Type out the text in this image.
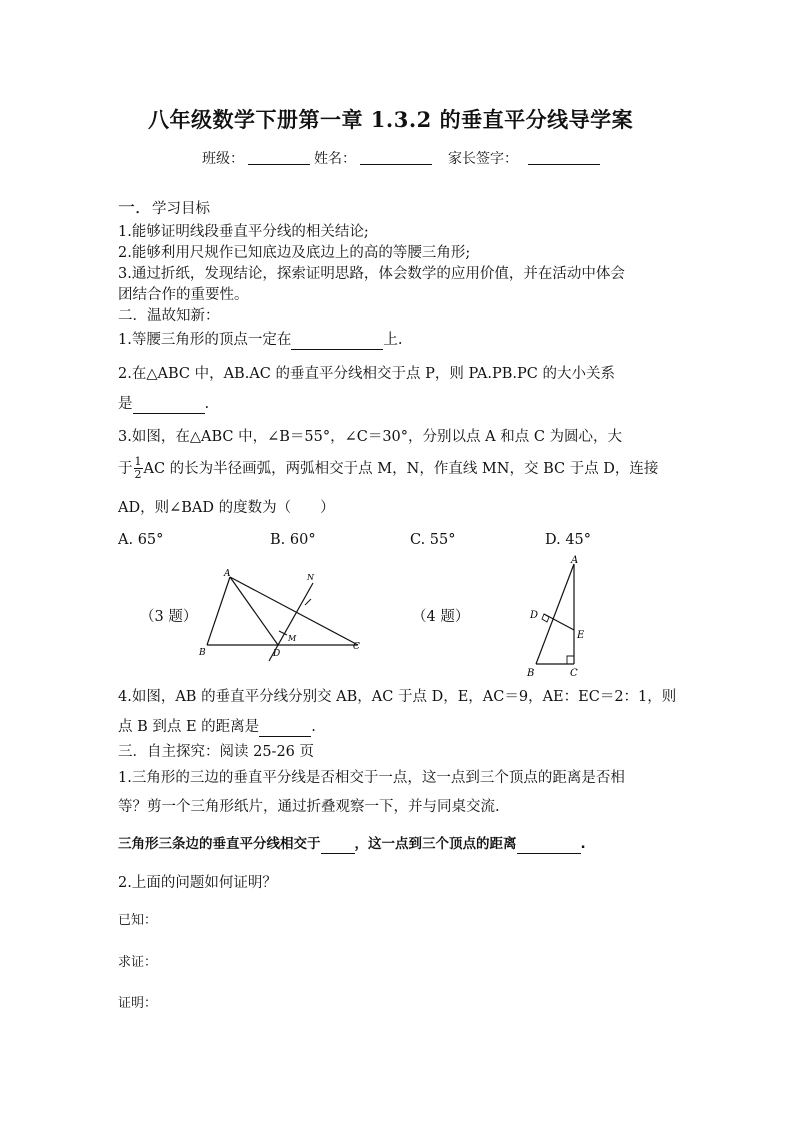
八年级数学下册第一章 1.3.2 的垂直平分线导学案
班级：	姓名：	家长签字：
一．学习目标
1.能够证明线段垂直平分线的相关结论;
2.能够利用尺规作已知底边及底边上的高的等腰三角形;
3.通过折纸，发现结论，探索证明思路，体会数学的应用价值，并在活动中体会
团结合作的重要性。
二．温故知新：
1.等腰三角形的顶点一定在	上.
2.在△ABC 中，AB.AC 的垂直平分线相交于点 P，则 PA.PB.PC 的大小关系
是	.
3.如图，在△ABC 中，∠B＝55°，∠C＝30°，分别以点 A 和点 C 为圆心，大
于 $\frac{1}{2}$ AC 的长为半径画弧，两弧相交于点 M，N，作直线 MN，交 BC 于点 D，连接
AD，则∠BAD 的度数为（　　）
A. 65°	B. 60°	C. 55°	D. 45°
（3 题）	（4 题）
A
B
C
D
M
N
A
B	C
D
E
4.如图，AB 的垂直平分线分别交 AB，AC 于点 D，E，AC＝9，AE：EC＝2：1，则
点 B 到点 E 的距离是	.
三．自主探究：阅读 25-26 页
1.三角形的三边的垂直平分线是否相交于一点，这一点到三个顶点的距离是否相
等？剪一个三角形纸片，通过折叠观察一下，并与同桌交流.
三角形三条边的垂直平分线相交于	，这一点到三个顶点的距离	.
2.上面的问题如何证明？
已知：
求证：
证明：
